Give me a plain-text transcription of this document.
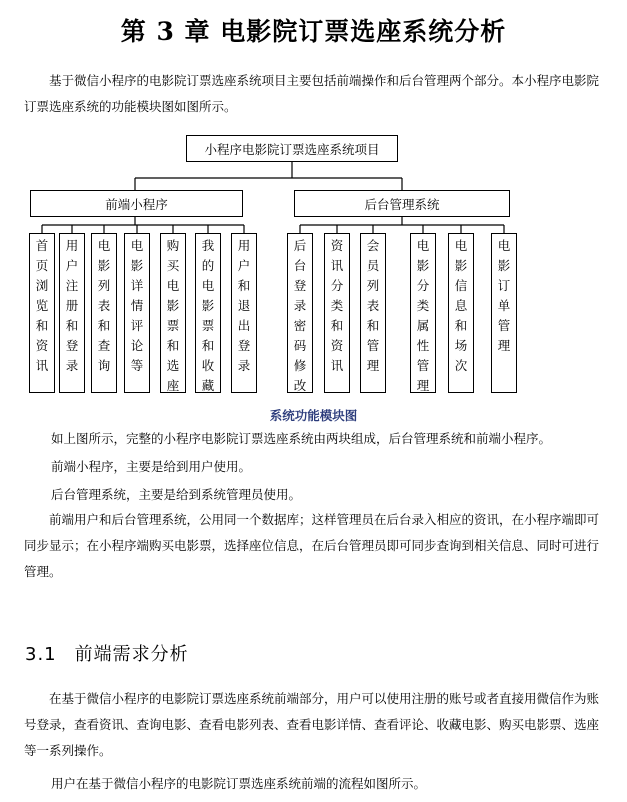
第 3 章 电影院订票选座系统分析

基于微信小程序的电影院订票选座系统项目主要包括前端操作和后台管理两个部分。本小程序电影院订票选座系统的功能模块图如图所示。

小程序电影院订票选座系统项目
前端小程序	后台管理系统
首页浏览和资讯
用户注册和登录
电影列表和查询
电影详情评论等
购买电影票和选座
我的电影票和收藏
用户和退出登录
后台登录密码修改
资讯分类和资讯
会员列表和管理
电影分类属性管理
电影信息和场次
电影订单管理
系统功能模块图

如上图所示，完整的小程序电影院订票选座系统由两块组成，后台管理系统和前端小程序。

前端小程序，主要是给到用户使用。

后台管理系统，主要是给到系统管理员使用。

前端用户和后台管理系统，公用同一个数据库；这样管理员在后台录入相应的资讯，在小程序端即可同步显示；在小程序端购买电影票，选择座位信息，在后台管理员即可同步查询到相关信息、同时可进行管理。

3.1 前端需求分析

在基于微信小程序的电影院订票选座系统前端部分，用户可以使用注册的账号或者直接用微信作为账号登录，查看资讯、查询电影、查看电影列表、查看电影详情、查看评论、收藏电影、购买电影票、选座等一系列操作。

用户在基于微信小程序的电影院订票选座系统前端的流程如图所示。
